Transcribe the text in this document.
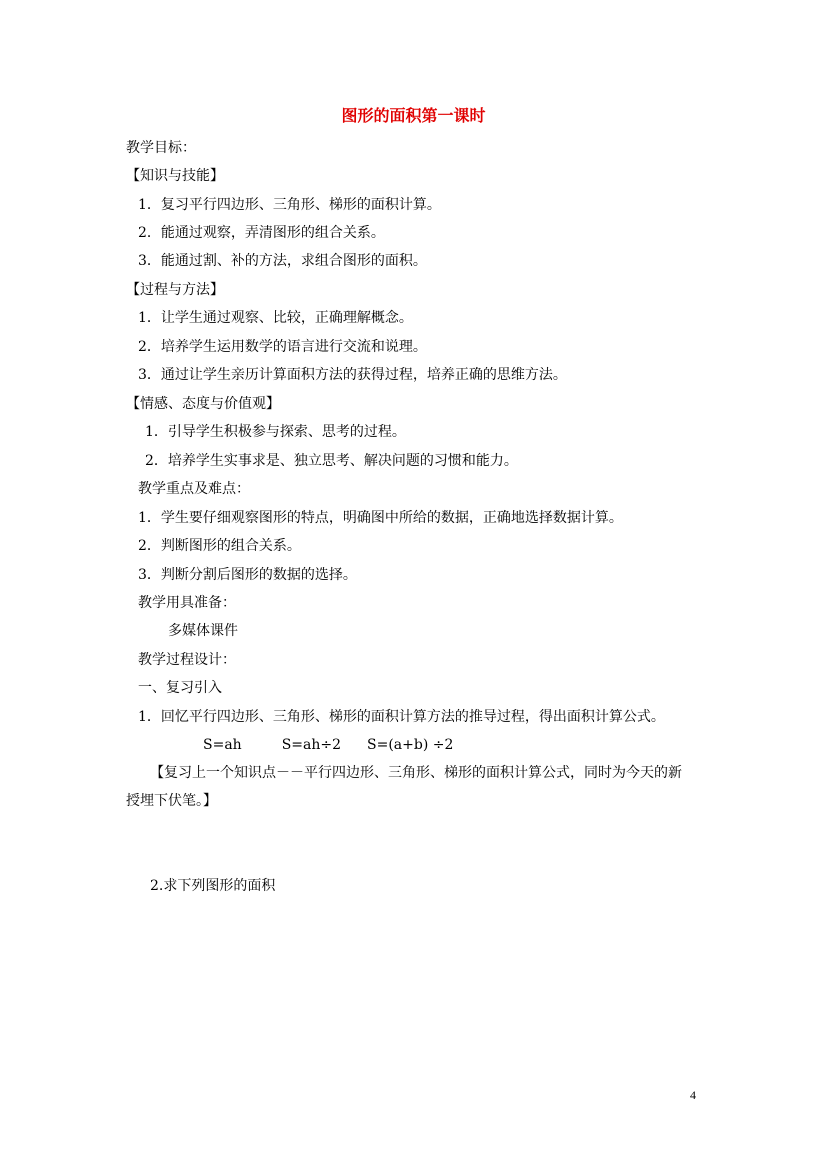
图形的面积第一课时
教学目标：
【知识与技能】
1．复习平行四边形、三角形、梯形的面积计算。
2．能通过观察，弄清图形的组合关系。
3．能通过割、补的方法，求组合图形的面积。
【过程与方法】
1．让学生通过观察、比较，正确理解概念。
2．培养学生运用数学的语言进行交流和说理。
3．通过让学生亲历计算面积方法的获得过程，培养正确的思维方法。
【情感、态度与价值观】
1．引导学生积极参与探索、思考的过程。
2．培养学生实事求是、独立思考、解决问题的习惯和能力。
教学重点及难点：
1．学生要仔细观察图形的特点，明确图中所给的数据，正确地选择数据计算。
2．判断图形的组合关系。
3．判断分割后图形的数据的选择。
教学用具准备：
多媒体课件
教学过程设计：
一、复习引入
1．回忆平行四边形、三角形、梯形的面积计算方法的推导过程，得出面积计算公式。
S=ah	S=ah÷2 S=(a+b) ÷2
【复习上一个知识点－－平行四边形、三角形、梯形的面积计算公式，同时为今天的新
授埋下伏笔。】
2.求下列图形的面积
4
